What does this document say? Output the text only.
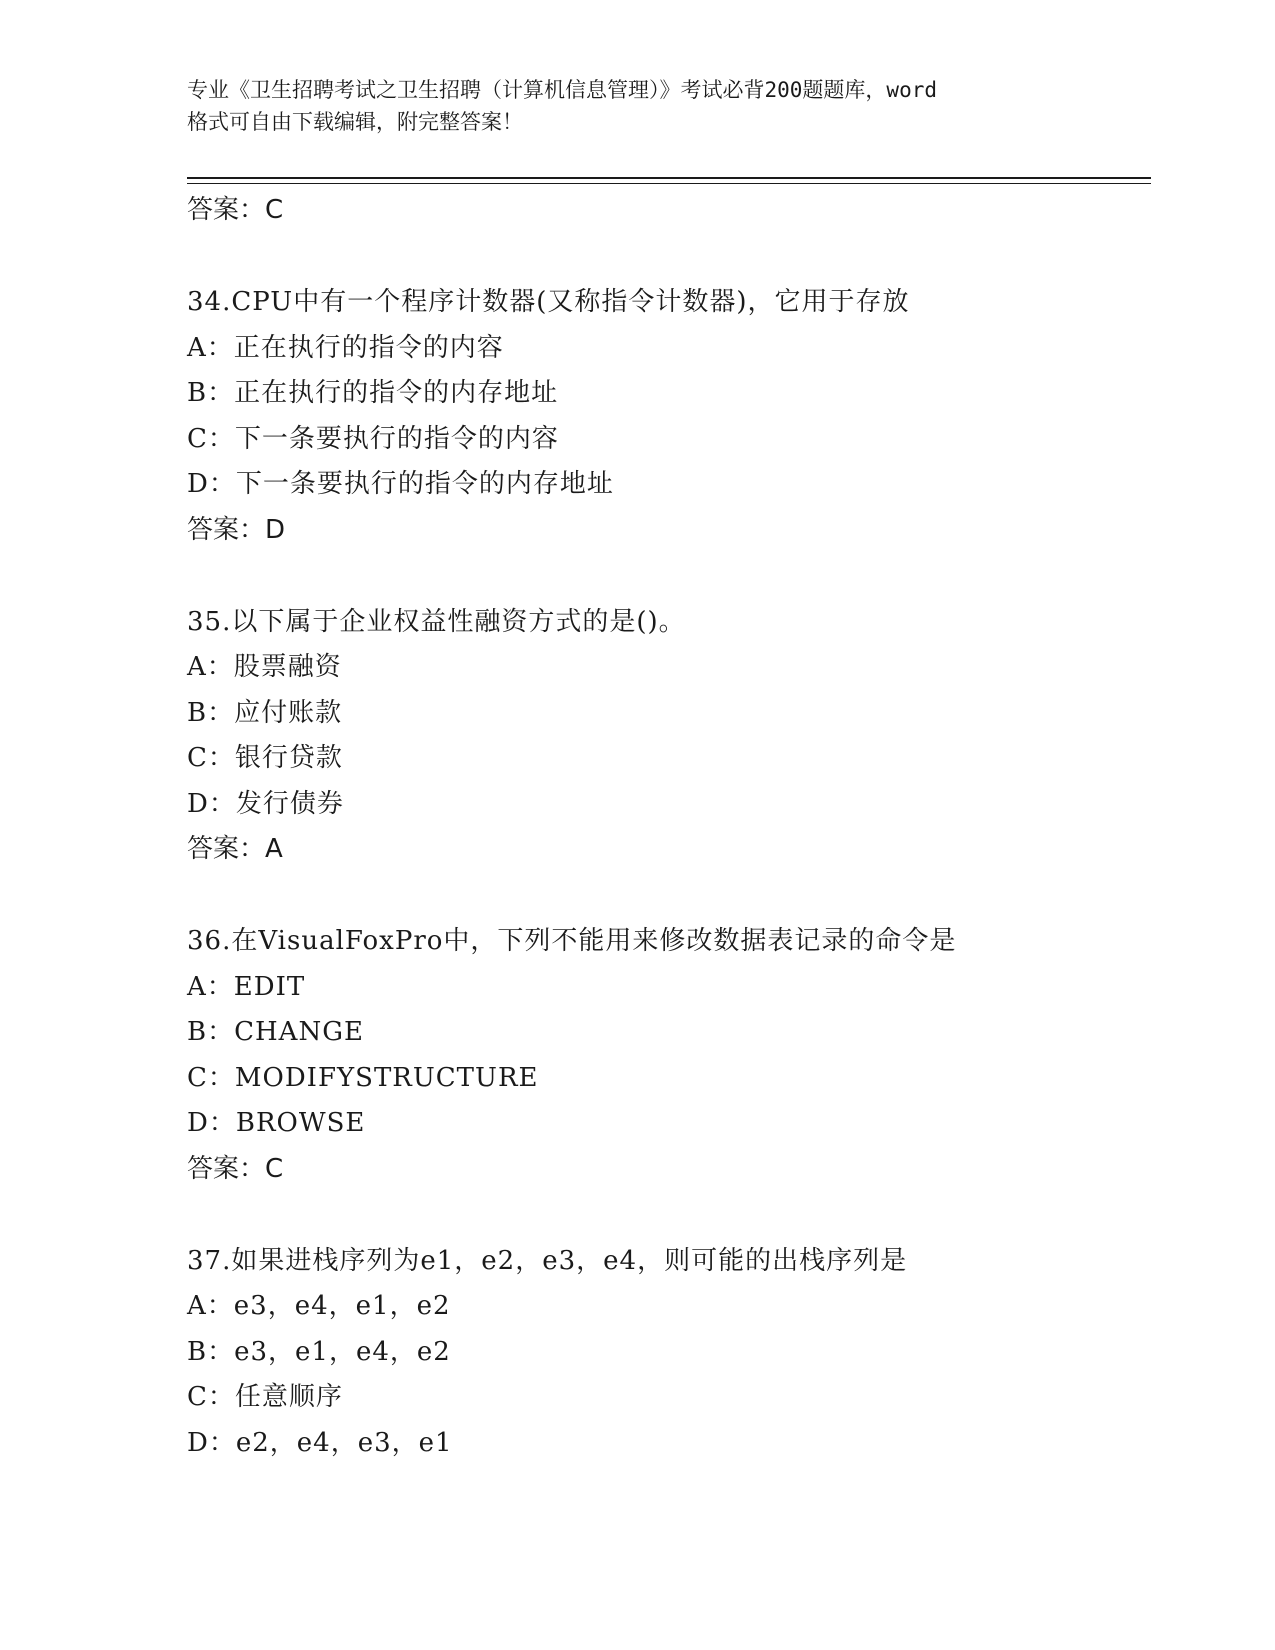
专业《卫生招聘考试之卫生招聘（计算机信息管理）》考试必背200题题库，word
格式可自由下载编辑，附完整答案！
答案：C
34.CPU中有一个程序计数器(又称指令计数器)，它用于存放
A：正在执行的指令的内容
B：正在执行的指令的内存地址
C：下一条要执行的指令的内容
D：下一条要执行的指令的内存地址
答案：D
35.以下属于企业权益性融资方式的是()。
A：股票融资
B：应付账款
C：银行贷款
D：发行债券
答案：A
36.在VisualFoxPro中，下列不能用来修改数据表记录的命令是
A：EDIT
B：CHANGE
C：MODIFYSTRUCTURE
D：BROWSE
答案：C
37.如果进栈序列为e1，e2，e3，e4，则可能的出栈序列是
A：e3，e4，e1，e2
B：e3，e1，e4，e2
C：任意顺序
D：e2，e4，e3，e1
